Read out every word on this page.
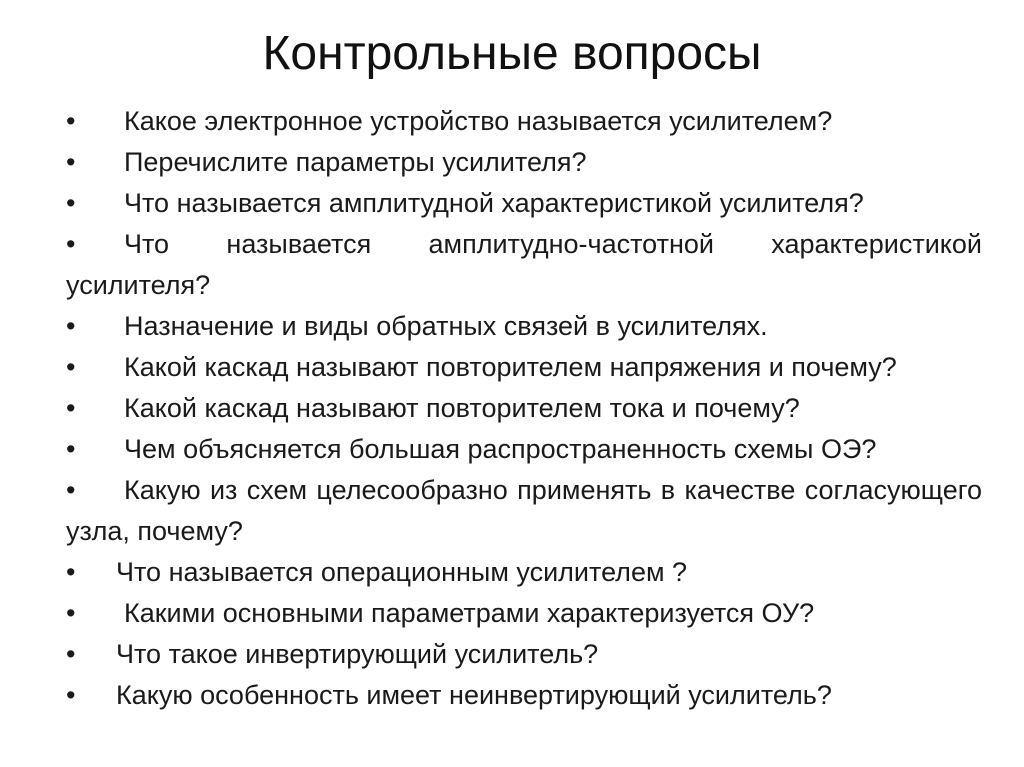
Контрольные вопросы
• Какое электронное устройство называется усилителем?
• Перечислите параметры усилителя?
• Что называется амплитудной характеристикой усилителя?
• Что называется амплитудно-частотной характеристикой усилителя?
• Назначение и виды обратных связей в усилителях.
• Какой каскад называют повторителем напряжения и почему?
• Какой каскад называют повторителем тока и почему?
• Чем объясняется большая распространенность схемы ОЭ?
• Какую из схем целесообразно применять в качестве согласующего узла, почему?
• Что называется операционным усилителем ?
• Какими основными параметрами характеризуется ОУ?
• Что такое инвертирующий усилитель?
• Какую особенность имеет неинвертирующий усилитель?
